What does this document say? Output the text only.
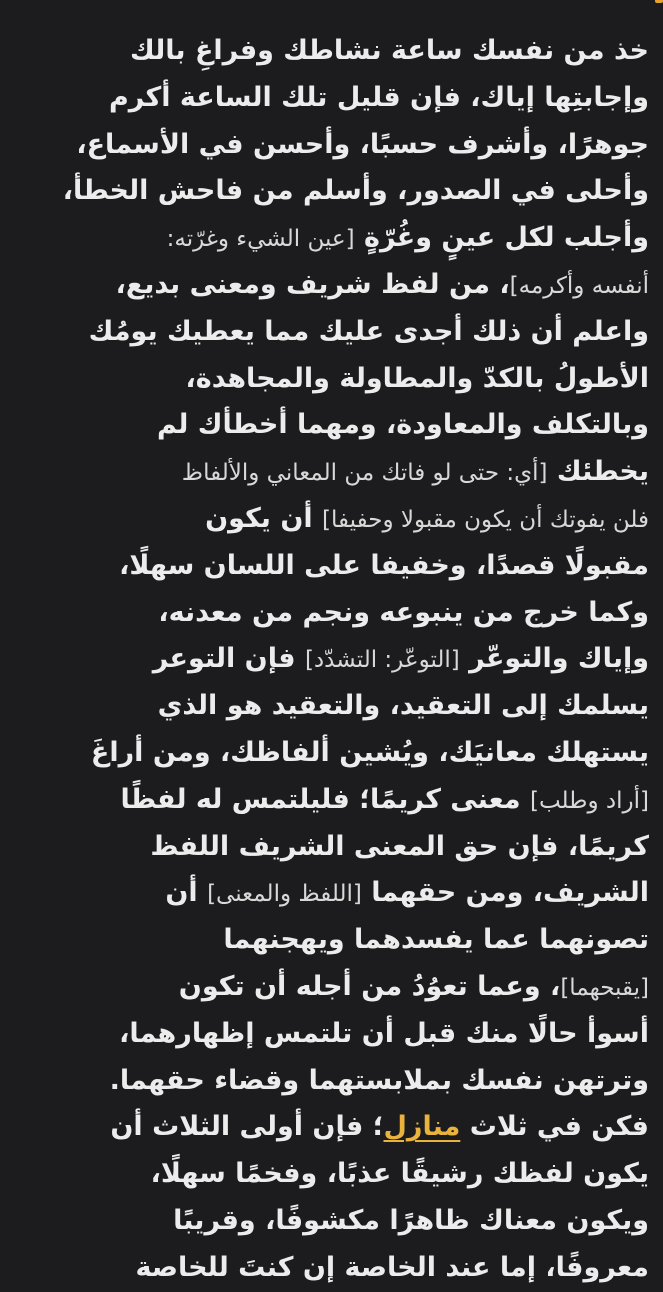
خذ من نفسك ساعة نشاطك وفراغِ بالك
وإجابتِها إياك، فإن قليل تلك الساعة أكرم
جوهرًا، وأشرف حسبًا، وأحسن في الأسماع،
وأحلى في الصدور، وأسلم من فاحش الخطأ،
وأجلب لكل عينٍ وغُرّةٍ [عين الشيء وغرّته:
أنفسه وأكرمه]، من لفظ شريف ومعنى بديع،
واعلم أن ذلك أجدى عليك مما يعطيك يومُك
الأطولُ بالكدّ والمطاولة والمجاهدة،
وبالتكلف والمعاودة، ومهما أخطأك لم
يخطئك [أي: حتى لو فاتك من المعاني والألفاظ
فلن يفوتك أن يكون مقبولا وحفيفا] أن يكون
مقبولًا قصدًا، وخفيفا على اللسان سهلًا،
وكما خرج من ينبوعه ونجم من معدنه،
وإياك والتوعّر [التوعّر: التشدّد] فإن التوعر
يسلمك إلى التعقيد، والتعقيد هو الذي
يستهلك معانيَك، ويُشين ألفاظك، ومن أراغَ
[أراد وطلب] معنى كريمًا؛ فليلتمس له لفظًا
كريمًا، فإن حق المعنى الشريف اللفظ
الشريف، ومن حقهما [اللفظ والمعنى] أن
تصونهما عما يفسدهما ويهجنهما
[يقبحهما]، وعما تعوُدُ من أجله أن تكون
أسوأ حالًا منك قبل أن تلتمس إظهارهما،
وترتهن نفسك بملابستهما وقضاء حقهما.
فكن في ثلاث منازل؛ فإن أولى الثلاث أن
يكون لفظك رشيقًا عذبًا، وفخمًا سهلًا،
ويكون معناك ظاهرًا مكشوفًا، وقريبًا
معروفًا، إما عند الخاصة إن كنتَ للخاصة
